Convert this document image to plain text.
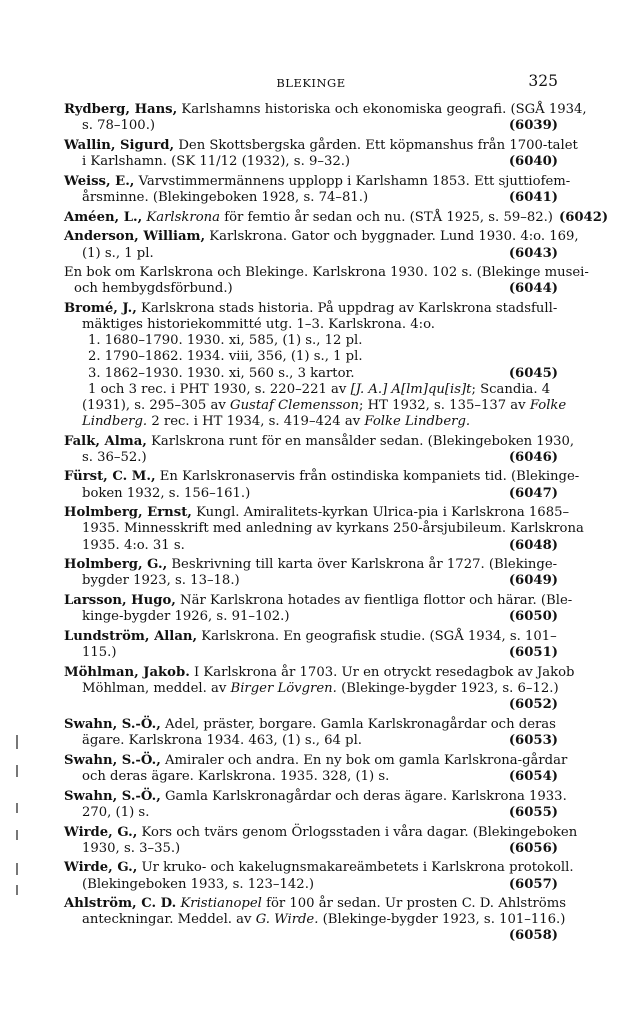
BLEKINGE	325
Rydberg, Hans, Karlshamns historiska och ekonomiska geografi. (SGÅ 1934,
s. 78–100.)	(6039)
Wallin, Sigurd, Den Skottsbergska gården. Ett köpmanshus från 1700-talet
i Karlshamn. (SK 11/12 (1932), s. 9–32.)	(6040)
Weiss, E., Varvstimmermännens upplopp i Karlshamn 1853. Ett sjuttiofem-
årsminne. (Blekingeboken 1928, s. 74–81.)	(6041)
Améen, L., Karlskrona för femtio år sedan och nu. (STÅ 1925, s. 59–82.) (6042)
Anderson, William, Karlskrona. Gator och byggnader. Lund 1930. 4:o. 169,
(1) s., 1 pl.	(6043)
En bok om Karlskrona och Blekinge. Karlskrona 1930. 102 s. (Blekinge musei-
och hembygdsförbund.)	(6044)
Bromé, J., Karlskrona stads historia. På uppdrag av Karlskrona stadsfull-
mäktiges historiekommitté utg. 1–3. Karlskrona. 4:o.
1. 1680–1790. 1930. xi, 585, (1) s., 12 pl.
2. 1790–1862. 1934. viii, 356, (1) s., 1 pl.
3. 1862–1930. 1930. xi, 560 s., 3 kartor.	(6045)
1 och 3 rec. i PHT 1930, s. 220–221 av [J. A.] A[lm]qu[is]t; Scandia. 4
(1931), s. 295–305 av Gustaf Clemensson; HT 1932, s. 135–137 av Folke
Lindberg. 2 rec. i HT 1934, s. 419–424 av Folke Lindberg.
Falk, Alma, Karlskrona runt för en mansålder sedan. (Blekingeboken 1930,
s. 36–52.)	(6046)
Fürst, C. M., En Karlskronaservis från ostindiska kompaniets tid. (Blekinge-
boken 1932, s. 156–161.)	(6047)
Holmberg, Ernst, Kungl. Amiralitets-kyrkan Ulrica-pia i Karlskrona 1685–
1935. Minnesskrift med anledning av kyrkans 250-årsjubileum. Karlskrona
1935. 4:o. 31 s.	(6048)
Holmberg, G., Beskrivning till karta över Karlskrona år 1727. (Blekinge-
bygder 1923, s. 13–18.)	(6049)
Larsson, Hugo, När Karlskrona hotades av fientliga flottor och härar. (Ble-
kinge-bygder 1926, s. 91–102.)	(6050)
Lundström, Allan, Karlskrona. En geografisk studie. (SGÅ 1934, s. 101–
115.)	(6051)
Möhlman, Jakob. I Karlskrona år 1703. Ur en otryckt resedagbok av Jakob
Möhlman, meddel. av Birger Lövgren. (Blekinge-bygder 1923, s. 6–12.)
(6052)
Swahn, S.-Ö., Adel, präster, borgare. Gamla Karlskronagårdar och deras
ägare. Karlskrona 1934. 463, (1) s., 64 pl.	(6053)
Swahn, S.-Ö., Amiraler och andra. En ny bok om gamla Karlskrona-gårdar
och deras ägare. Karlskrona. 1935. 328, (1) s.	(6054)
Swahn, S.-Ö., Gamla Karlskronagårdar och deras ägare. Karlskrona 1933.
270, (1) s.	(6055)
Wirde, G., Kors och tvärs genom Örlogsstaden i våra dagar. (Blekingeboken
1930, s. 3–35.)	(6056)
Wirde, G., Ur kruko- och kakelugnsmakareämbetets i Karlskrona protokoll.
(Blekingeboken 1933, s. 123–142.)	(6057)
Ahlström, C. D. Kristianopel för 100 år sedan. Ur prosten C. D. Ahlströms
anteckningar. Meddel. av G. Wirde. (Blekinge-bygder 1923, s. 101–116.)
(6058)
